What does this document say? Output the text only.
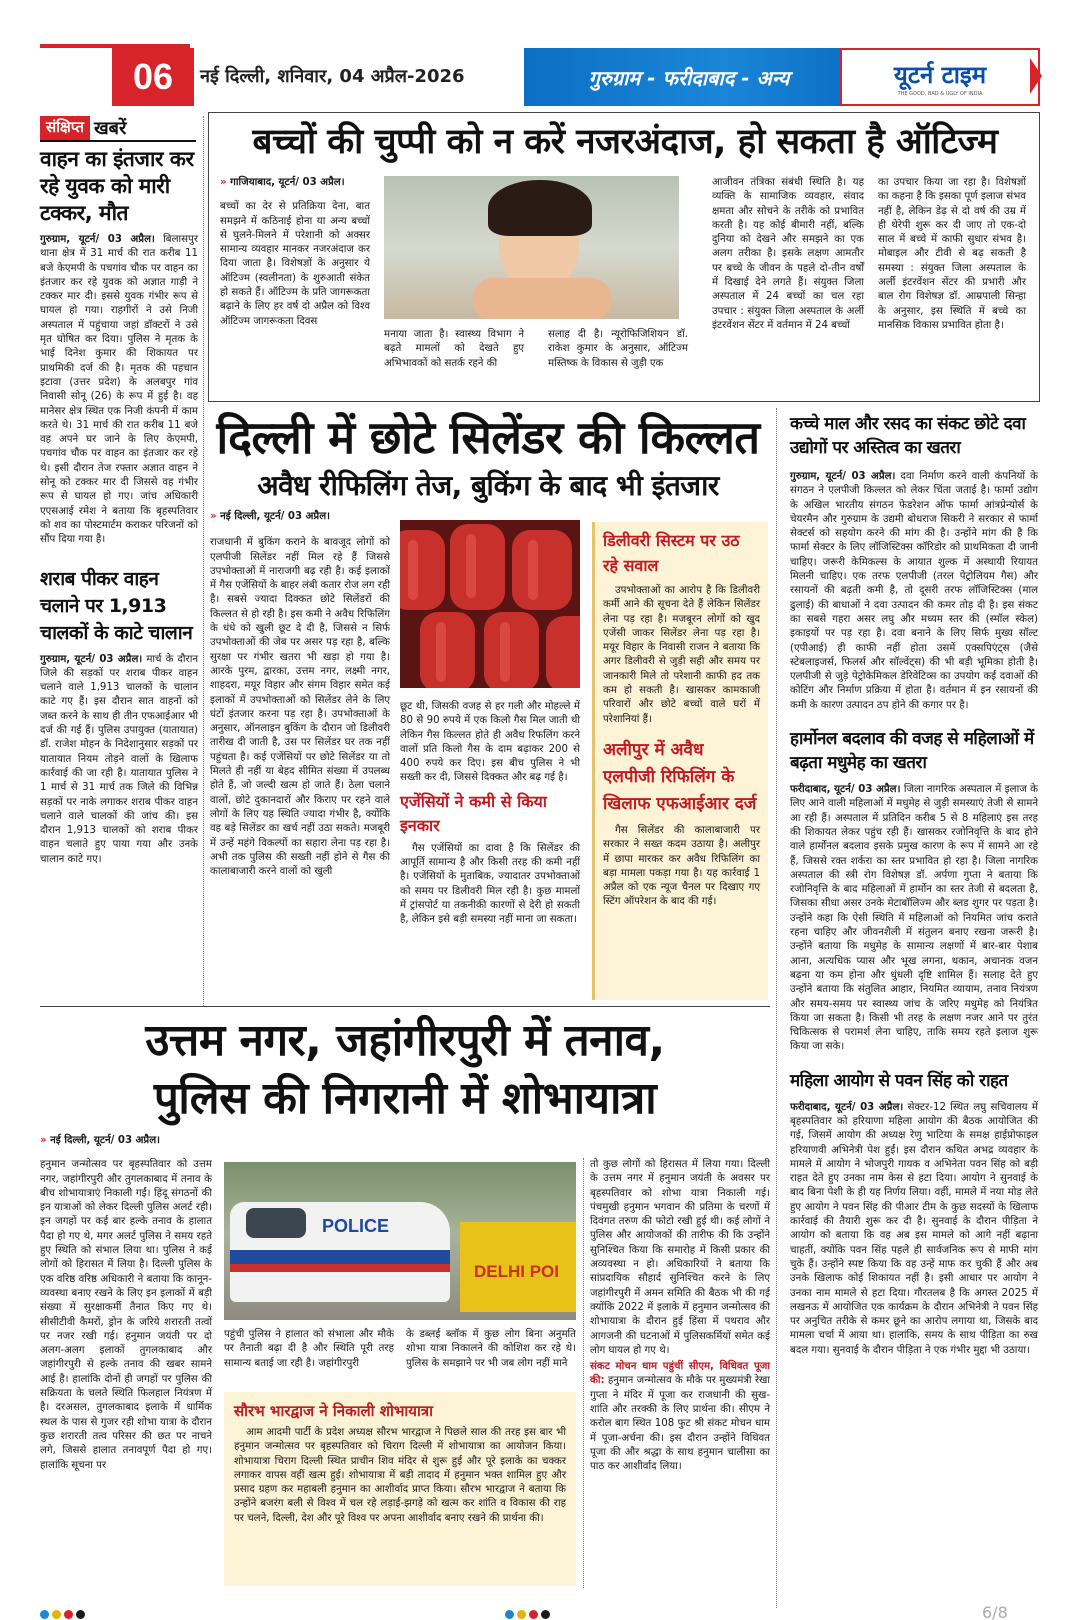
06 नई दिल्ली, शनिवार, 04 अप्रैल-2026	गुरुग्राम - फरीदाबाद - अन्य	यूटर्न टाइम
THE GOOD, BAD & UGLY OF INDIA
संक्षिप्त खबरें
वाहन का इंतजार कर रहे युवक को मारी टक्कर, मौत

गुरुग्राम, यूटर्न/ 03 अप्रैल। बिलासपुर थाना क्षेत्र में 31 मार्च की रात करीब 11 बजे केएमपी के पचगांव चौक पर वाहन का इंतजार कर रहे युवक को अज्ञात गाड़ी ने टक्कर मार दी। इससे युवक गंभीर रूप से घायल हो गया। राहगीरों ने उसे निजी अस्पताल में पहुंचाया जहां डॉक्टरों ने उसे मृत घोषित कर दिया। पुलिस ने मृतक के भाई दिनेश कुमार की शिकायत पर प्राथमिकी दर्ज की है। मृतक की पहचान इटावा (उत्तर प्रदेश) के अलबपुर गांव निवासी सोनू (26) के रूप में हुई है। वह मानेसर क्षेत्र स्थित एक निजी कंपनी में काम करते थे। 31 मार्च की रात करीब 11 बजे वह अपने घर जाने के लिए केएमपी, पचगांव चौक पर वाहन का इंतजार कर रहे थे। इसी दौरान तेज रफ्तार अज्ञात वाहन ने सोनू को टक्कर मार दी जिससे वह गंभीर रूप से घायल हो गए। जांच अधिकारी एएसआई रमेश ने बताया कि बृहस्पतिवार को शव का पोस्टमार्टम कराकर परिजनों को सौंप दिया गया है।

शराब पीकर वाहन चलाने पर 1,913 चालकों के काटे चालान

गुरुग्राम, यूटर्न/ 03 अप्रैल। मार्च के दौरान जिले की सड़कों पर शराब पीकर वाहन चलाने वाले 1,913 चालकों के चालान काटे गए हैं। इस दौरान सात वाहनों को जब्त करने के साथ ही तीन एफआईआर भी दर्ज की गई हैं। पुलिस उपायुक्त (यातायात) डॉ. राजेश मोहन के निदेशानुसार सड़कों पर यातायात नियम तोड़ने वालों के खिलाफ कार्रवाई की जा रही है। यातायात पुलिस ने 1 मार्च से 31 मार्च तक जिले की विभिन्न सड़कों पर नाके लगाकर शराब पीकर वाहन चलाने वाले चालकों की जांच की। इस दौरान 1,913 चालकों को शराब पीकर वाहन चलाते हुए पाया गया और उनके चालान काटे गए।

बच्चों की चुप्पी को न करें नजरअंदाज, हो सकता है ऑटिज्म

» गाजियाबाद, यूटर्न/ 03 अप्रैल।

बच्चों का देर से प्रतिक्रिया देना, बात समझने में कठिनाई होना या अन्य बच्चों से घुलने-मिलने में परेशानी को अक्सर सामान्य व्यवहार मानकर नजरअंदाज कर दिया जाता है। विशेषज्ञों के अनुसार ये ऑटिज्म (स्वलीनता) के शुरुआती संकेत हो सकते हैं। ऑटिज्म के प्रति जागरूकता बढ़ाने के लिए हर वर्ष दो अप्रैल को विश्व ऑटिज्म जागरूकता दिवस

मनाया जाता है। स्वास्थ्य विभाग ने बढ़ते मामलों को देखते हुए अभिभावकों को सतर्क रहने की
सलाह दी है। न्यूरोफिजिशियन डॉ. राकेश कुमार के अनुसार, ऑटिज्म मस्तिष्क के विकास से जुड़ी एक
आजीवन तंत्रिका संबंधी स्थिति है। यह व्यक्ति के सामाजिक व्यवहार, संवाद क्षमता और सोचने के तरीके को प्रभावित करती है। यह कोई बीमारी नहीं, बल्कि दुनिया को देखने और समझने का एक अलग तरीका है। इसके लक्षण आमतौर पर बच्चे के जीवन के पहले दो-तीन वर्षों में दिखाई देने लगते हैं। संयुक्त जिला अस्पताल में 24 बच्चों का चल रहा उपचार : संयुक्त जिला अस्पताल के अर्ली इंटरवेंशन सेंटर में वर्तमान में 24 बच्चों
का उपचार किया जा रहा है। विशेषज्ञों का कहना है कि इसका पूर्ण इलाज संभव नहीं है, लेकिन डेढ़ से दो वर्ष की उम्र में ही थेरेपी शुरू कर दी जाए तो एक-दो साल में बच्चे में काफी सुधार संभव है। मोबाइल और टीवी से बढ़ सकती है समस्या : संयुक्त जिला अस्पताल के अर्ली इंटरवेंशन सेंटर की प्रभारी और बाल रोग विशेषज्ञ डॉ. आम्रपाली सिन्हा के अनुसार, इस स्थिति में बच्चे का मानसिक विकास प्रभावित होता है।
दिल्ली में छोटे सिलेंडर की किल्लत
अवैध रीफिलिंग तेज, बुकिंग के बाद भी इंतजार

» नई दिल्ली, यूटर्न/ 03 अप्रैल।

राजधानी में बुकिंग कराने के बावजूद लोगों को एलपीजी सिलेंडर नहीं मिल रहे हैं जिससे उपभोक्ताओं में नाराजगी बढ़ रही है। कई इलाकों में गैस एजेंसियों के बाहर लंबी कतार रोज लग रही है। सबसे ज्यादा दिक्कत छोटे सिलेंडरों की किल्लत से हो रही है। इस कमी ने अवैध रिफिलिंग के धंधे को खुली छूट दे दी है, जिससे न सिर्फ उपभोक्ताओं की जेब पर असर पड़ रहा है, बल्कि सुरक्षा पर गंभीर खतरा भी खड़ा हो गया है। आरके पुरम, द्वारका, उत्तम नगर, लक्ष्मी नगर, शाहदरा, मयूर विहार और संगम विहार समेत कई इलाकों में उपभोक्ताओं को सिलेंडर लेने के लिए घंटों इंतजार करना पड़ रहा है। उपभोक्ताओं के अनुसार, ऑनलाइन बुकिंग के दौरान जो डिलीवरी तारीख दी जाती है, उस पर सिलेंडर घर तक नहीं पहुंचता है। कई एजेंसियों पर छोटे सिलेंडर या तो मिलते ही नहीं या बेहद सीमित संख्या में उपलब्ध होते हैं, जो जल्दी खत्म हो जाते हैं। ठेला चलाने वालों, छोटे दुकानदारों और किराए पर रहने वाले लोगों के लिए यह स्थिति ज्यादा गंभीर है, क्योंकि वह बड़े सिलेंडर का खर्च नहीं उठा सकते। मजबूरी में उन्हें महंगे विकल्पों का सहारा लेना पड़ रहा है। अभी तक पुलिस की सख्ती नहीं होने से गैस की कालाबाजारी करने वालों को खुली

छूट थी, जिसकी वजह से हर गली और मोहल्ले में 80 से 90 रुपये में एक किलो गैस मिल जाती थी लेकिन गैस किल्लत होते ही अवैध रिफलिंग करने वालों प्रति किलो गैस के दाम बढ़ाकर 200 से 400 रुपये कर दिए। इस बीच पुलिस ने भी सख्ती कर दी, जिससे दिक्कत और बढ़ गई है।

एजेंसियों ने कमी से किया इनकार

गैस एजेंसियों का दावा है कि सिलेंडर की आपूर्ति सामान्य है और किसी तरह की कमी नहीं है। एजेंसियों के मुताबिक, ज्यादातर उपभोक्ताओं को समय पर डिलीवरी मिल रही है। कुछ मामलों में ट्रांसपोर्ट या तकनीकी कारणों से देरी हो सकती है, लेकिन इसे बड़ी समस्या नहीं माना जा सकता।

डिलीवरी सिस्टम पर उठ रहे सवाल

उपभोक्ताओं का आरोप है कि डिलीवरी कर्मी आने की सूचना देते हैं लेकिन सिलेंडर लेना पड़ रहा है। मजबूरन लोगों को खुद एजेंसी जाकर सिलेंडर लेना पड़ रहा है। मयूर विहार के निवासी राजन ने बताया कि अगर डिलीवरी से जुड़ी सही और समय पर जानकारी मिले तो परेशानी काफी हद तक कम हो सकती है। खासकर कामकाजी परिवारों और छोटे बच्चों वाले घरों में परेशानियां हैं।

अलीपुर में अवैध एलपीजी रिफिलिंग के खिलाफ एफआईआर दर्ज

गैस सिलेंडर की कालाबाजारी पर सरकार ने सख्त कदम उठाया है। अलीपुर में छापा मारकर कर अवैध रिफिलिंग का बड़ा मामला पकड़ा गया है। यह कार्रवाई 1 अप्रैल को एक न्यूज चैनल पर दिखाए गए स्टिंग ऑपरेशन के बाद की गई।

कच्चे माल और रसद का संकट छोटे दवा उद्योगों पर अस्तित्व का खतरा

गुरुग्राम, यूटर्न/ 03 अप्रैल। दवा निर्माण करने वाली कंपनियों के संगठन ने एलपीजी किल्लत को लेकर चिंता जताई है। फार्मा उद्योग के अखिल भारतीय संगठन फेडरेशन ऑफ फार्मा आंत्रप्रेन्योर्स के चेयरमैन और गुरुग्राम के उद्यमी बोधराज सिकरी ने सरकार से फार्मा सेक्टर्स को सहयोग करने की मांग की है। उन्होंने मांग की है कि फार्मा सेक्टर के लिए लॉजिस्टिक्स कॉरिडोर को प्राथमिकता दी जानी चाहिए। जरूरी केमिकल्स के आयात शुल्क में अस्थायी रियायत मिलनी चाहिए। एक तरफ एलपीजी (तरल पेट्रोलियम गैस) और रसायनों की बढ़ती कमी है, तो दूसरी तरफ लॉजिस्टिक्स (माल ढुलाई) की बाधाओं ने दवा उत्पादन की कमर तोड़ दी है। इस संकट का सबसे गहरा असर लघु और मध्यम स्तर की (स्मॉल स्केल) इकाइयों पर पड़ रहा है। दवा बनाने के लिए सिर्फ मुख्य सॉल्ट (एपीआई) ही काफी नहीं होता उसमें एक्सपिएंट्स (जैसे स्टेबलाइजर्स, फिलर्स और सॉल्वेंट्स) की भी बड़ी भूमिका होती है। एलपीजी से जुड़े पेट्रोकेमिकल डेरिवेटिव्स का उपयोग कई दवाओं की कोटिंग और निर्माण प्रक्रिया में होता है। वर्तमान में इन रसायनों की कमी के कारण उत्पादन ठप होने की कगार पर है।

हार्मोनल बदलाव की वजह से महिलाओं में बढ़ता मधुमेह का खतरा

फरीदाबाद, यूटर्न/ 03 अप्रैल। जिला नागरिक अस्पताल में इलाज के लिए आने वाली महिलाओं में मधुमेह से जुड़ी समस्याएं तेजी से सामने आ रही हैं। अस्पताल में प्रतिदिन करीब 5 से 8 महिलाएं इस तरह की शिकायत लेकर पहुंच रही हैं। खासकर रजोनिवृत्ति के बाद होने वाले हार्मोनल बदलाव इसके प्रमुख कारण के रूप में सामने आ रहे हैं, जिससे रक्त शर्करा का स्तर प्रभावित हो रहा है। जिला नागरिक अस्पताल की स्त्री रोग विशेषज्ञ डॉ. अर्पणा गुप्ता ने बताया कि रजोनिवृत्ति के बाद महिलाओं में हार्मोन का स्तर तेजी से बदलता है, जिसका सीधा असर उनके मेटाबॉलिज्म और ब्लड शुगर पर पड़ता है। उन्होंने कहा कि ऐसी स्थिति में महिलाओं को नियमित जांच कराते रहना चाहिए और जीवनशैली में संतुलन बनाए रखना जरूरी है। उन्होंने बताया कि मधुमेह के सामान्य लक्षणों में बार-बार पेशाब आना, अत्यधिक प्यास और भूख लगना, थकान, अचानक वजन बढ़ना या कम होना और धुंधली दृष्टि शामिल हैं। सलाह देते हुए उन्होंने बताया कि संतुलित आहार, नियमित व्यायाम, तनाव नियंत्रण और समय-समय पर स्वास्थ्य जांच के जरिए मधुमेह को नियंत्रित किया जा सकता है। किसी भी तरह के लक्षण नजर आने पर तुरंत चिकित्सक से परामर्श लेना चाहिए, ताकि समय रहते इलाज शुरू किया जा सके।

महिला आयोग से पवन सिंह को राहत

फरीदाबाद, यूटर्न/ 03 अप्रैल। सेक्टर-12 स्थित लघु सचिवालय में बृहस्पतिवार को हरियाणा महिला आयोग की बैठक आयोजित की गई, जिसमें आयोग की अध्यक्ष रेणु भाटिया के समक्ष हाईप्रोफाइल हरियाणवी अभिनेत्री पेश हुईं। इस दौरान कथित अभद्र व्यवहार के मामले में आयोग ने भोजपुरी गायक व अभिनेता पवन सिंह को बड़ी राहत देते हुए उनका नाम केस से हटा दिया। आयोग ने सुनवाई के बाद बिना पेशी के ही यह निर्णय लिया। वहीं, मामले में नया मोड़ लेते हुए आयोग ने पवन सिंह की पीआर टीम के कुछ सदस्यों के खिलाफ कार्रवाई की तैयारी शुरू कर दी है। सुनवाई के दौरान पीड़िता ने आयोग को बताया कि वह अब इस मामले को आगे नहीं बढ़ाना चाहतीं, क्योंकि पवन सिंह पहले ही सार्वजनिक रूप से माफी मांग चुके हैं। उन्होंने स्पष्ट किया कि वह उन्हें माफ कर चुकी हैं और अब उनके खिलाफ कोई शिकायत नहीं है। इसी आधार पर आयोग ने उनका नाम मामले से हटा दिया। गौरतलब है कि अगस्त 2025 में लखनऊ में आयोजित एक कार्यक्रम के दौरान अभिनेत्री ने पवन सिंह पर अनुचित तरीके से कमर छूने का आरोप लगाया था, जिसके बाद मामला चर्चा में आया था। हालांकि, समय के साथ पीड़िता का रुख बदल गया। सुनवाई के दौरान पीड़िता ने एक गंभीर मुद्दा भी उठाया।

उत्तम नगर, जहांगीरपुरी में तनाव,
पुलिस की निगरानी में शोभायात्रा

» नई दिल्ली, यूटर्न/ 03 अप्रैल।

हनुमान जन्मोत्सव पर बृहस्पतिवार को उत्तम नगर, जहांगीरपुरी और तुगलकाबाद में तनाव के बीच शोभायात्राएं निकाली गईं। हिंदू संगठनों की इन यात्राओं को लेकर दिल्ली पुलिस अलर्ट रही। इन जगहों पर कई बार हल्के तनाव के हालात पैदा हो गए थे, मगर अलर्ट पुलिस ने समय रहते हुए स्थिति को संभाल लिया था। पुलिस ने कई लोगों को हिरासत में लिया है। दिल्ली पुलिस के एक वरिष्ठ वरिष्ठ अधिकारी ने बताया कि कानून-व्यवस्था बनाए रखने के लिए इन इलाकों में बड़ी संख्या में सुरक्षाकर्मी तैनात किए गए थे। सीसीटीवी कैमरों, ड्रोन के जरिये शरारती तत्वों पर नजर रखी गई। हनुमान जयंती पर दो अलग-अलग इलाकों तुगलकाबाद और जहांगीरपुरी से हल्के तनाव की खबर सामने आई है। हालांकि दोनों ही जगहों पर पुलिस की सक्रियता के चलते स्थिति फिलहाल नियंत्रण में है। दरअसल, तुगलकाबाद इलाके में धार्मिक स्थल के पास से गुजर रही शोभा यात्रा के दौरान कुछ शरारती तत्व परिसर की छत पर नाचने लगे, जिससे हालात तनावपूर्ण पैदा हो गए। हालांकि सूचना पर

POLICE
DELHI POI
पहुंची पुलिस ने हालात को संभाला और मौके पर तैनाती बढ़ा दी है और स्थिति पूरी तरह सामान्य बताई जा रही है। जहांगीरपुरी
के डब्लई ब्लॉक में कुछ लोग बिना अनुमति शोभा यात्रा निकालने की कोशिश कर रहे थे। पुलिस के समझाने पर भी जब लोग नहीं माने
सौरभ भारद्वाज ने निकाली शोभायात्रा

आम आदमी पार्टी के प्रदेश अध्यक्ष सौरभ भारद्वाज ने पिछले साल की तरह इस बार भी हनुमान जन्मोत्सव पर बृहस्पतिवार को चिराग दिल्ली में शोभायात्रा का आयोजन किया। शोभायात्रा चिराग दिल्ली स्थित प्राचीन शिव मंदिर से शुरू हुई और पूरे इलाके का चक्कर लगाकर वापस वहीं खत्म हुई। शोभायात्रा में बड़ी तादाद में हनुमान भक्त शामिल हुए और प्रसाद ग्रहण कर महाबली हनुमान का आशीर्वाद प्राप्त किया। सौरभ भारद्वाज ने बताया कि उन्होंने बजरंग बली से विश्व में चल रहे लड़ाई-झगड़े को खत्म कर शांति व विकास की राह पर चलने, दिल्ली, देश और पूरे विश्व पर अपना आशीर्वाद बनाए रखने की प्रार्थना की।

तो कुछ लोगों को हिरासत में लिया गया। दिल्ली के उत्तम नगर में हनुमान जयंती के अवसर पर बृहस्पतिवार को शोभा यात्रा निकाली गई। पंचमुखी हनुमान भगवान की प्रतिमा के चरणों में दिवंगत तरुण की फोटो रखी हुई थी। कई लोगों ने पुलिस और आयोजकों की तारीफ की कि उन्होंने सुनिश्चित किया कि समारोह में किसी प्रकार की अव्यवस्था न हो। अधिकारियों ने बताया कि सांप्रदायिक सौहार्द सुनिश्चित करने के लिए जहांगीरपुरी में अमन समिति की बैठक भी की गई क्योंकि 2022 में इलाके में हनुमान जन्मोत्सव की शोभायात्रा के दौरान हुई हिंसा में पथराव और आगजनी की घटनाओं में पुलिसकर्मियों समेत कई लोग घायल हो गए थे।

संकट मोचन धाम पहुंचीं सीएम, विधिवत पूजा की: हनुमान जन्मोत्सव के मौके पर मुख्यमंत्री रेखा गुप्ता ने मंदिर में पूजा कर राजधानी की सुख-शांति और तरक्की के लिए प्रार्थना की। सीएम ने करोल बाग स्थित 108 फुट श्री संकट मोचन धाम में पूजा-अर्चना की। इस दौरान उन्होंने विधिवत पूजा की और श्रद्धा के साथ हनुमान चालीसा का पाठ कर आशीर्वाद लिया।

6/8
